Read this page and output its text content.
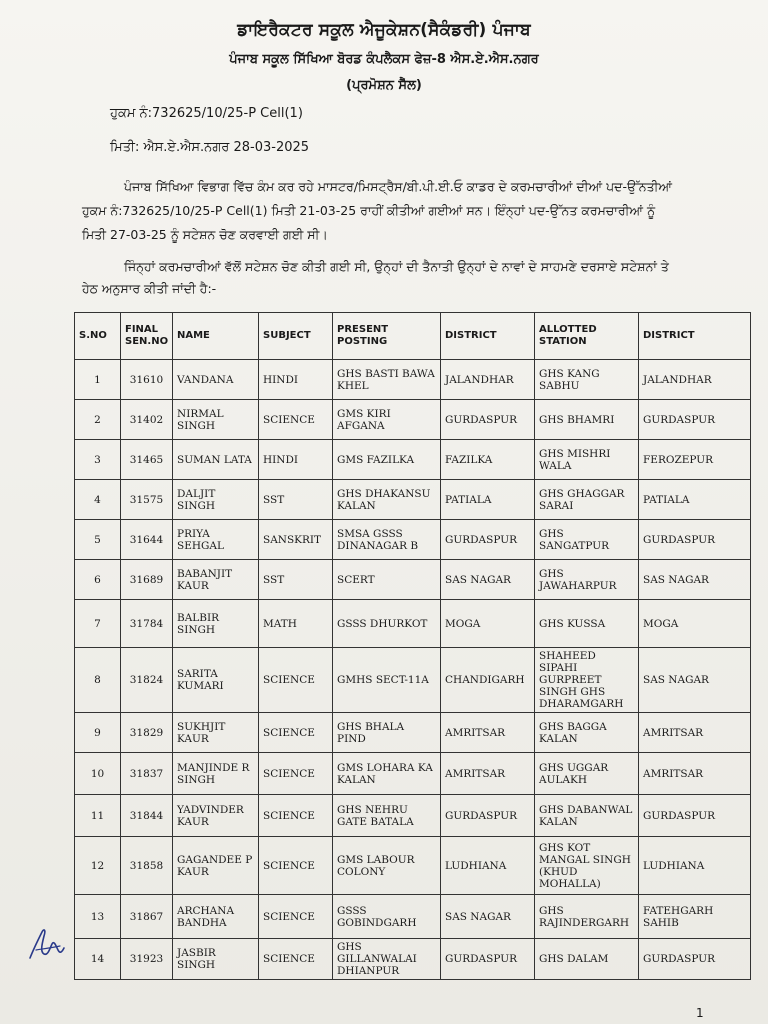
ਡਾਇਰੈਕਟਰ ਸਕੂਲ ਐਜੂਕੇਸ਼ਨ(ਸੈਕੰਡਰੀ) ਪੰਜਾਬ
ਪੰਜਾਬ ਸਕੂਲ ਸਿੱਖਿਆ ਬੋਰਡ ਕੰਪਲੈਕਸ ਫੇਜ਼-8 ਐਸ.ਏ.ਐਸ.ਨਗਰ
(ਪ੍ਰਮੋਸ਼ਨ ਸੈੱਲ)
ਹੁਕਮ ਨੰ:732625/10/25-P Cell(1)
ਮਿਤੀ: ਐਸ.ਏ.ਐਸ.ਨਗਰ 28-03-2025
ਪੰਜਾਬ ਸਿੱਖਿਆ ਵਿਭਾਗ ਵਿੱਚ ਕੰਮ ਕਰ ਰਹੇ ਮਾਸਟਰ/ਮਿਸਟ੍ਰੈਸ/ਬੀ.ਪੀ.ਈ.ਓ ਕਾਡਰ ਦੇ ਕਰਮਚਾਰੀਆਂ ਦੀਆਂ ਪਦ-ਉੱਨਤੀਆਂ ਹੁਕਮ ਨੰ:732625/10/25-P Cell(1) ਮਿਤੀ 21-03-25 ਰਾਹੀਂ ਕੀਤੀਆਂ ਗਈਆਂ ਸਨ। ਇੰਨ੍ਹਾਂ ਪਦ-ਉੱਨਤ ਕਰਮਚਾਰੀਆਂ ਨੂੰ ਮਿਤੀ 27-03-25 ਨੂੰ ਸਟੇਸ਼ਨ ਚੋਣ ਕਰਵਾਈ ਗਈ ਸੀ।
ਜਿੰਨ੍ਹਾਂ ਕਰਮਚਾਰੀਆਂ ਵੱਲੋਂ ਸਟੇਸ਼ਨ ਚੋਣ ਕੀਤੀ ਗਈ ਸੀ, ਉਨ੍ਹਾਂ ਦੀ ਤੈਨਾਤੀ ਉਨ੍ਹਾਂ ਦੇ ਨਾਵਾਂ ਦੇ ਸਾਹਮਣੇ ਦਰਸਾਏ ਸਟੇਸ਼ਨਾਂ ਤੇ ਹੇਠ ਅਨੁਸਾਰ ਕੀਤੀ ਜਾਂਦੀ ਹੈ:-
S.NO	FINAL SEN.NO	NAME	SUBJECT	PRESENT POSTING	DISTRICT	ALLOTTED STATION	DISTRICT
1	31610	VANDANA	HINDI	GHS BASTI BAWA KHEL	JALANDHAR	GHS KANG SABHU	JALANDHAR
2	31402	NIRMAL SINGH	SCIENCE	GMS KIRI AFGANA	GURDASPUR	GHS BHAMRI	GURDASPUR
3	31465	SUMAN LATA	HINDI	GMS FAZILKA	FAZILKA	GHS MISHRI WALA	FEROZEPUR
4	31575	DALJIT SINGH	SST	GHS DHAKANSU KALAN	PATIALA	GHS GHAGGAR SARAI	PATIALA
5	31644	PRIYA SEHGAL	SANSKRIT	SMSA GSSS DINANAGAR B	GURDASPUR	GHS SANGATPUR	GURDASPUR
6	31689	BABANJIT KAUR	SST	SCERT	SAS NAGAR	GHS JAWAHARPUR	SAS NAGAR
7	31784	BALBIR SINGH	MATH	GSSS DHURKOT	MOGA	GHS KUSSA	MOGA
8	31824	SARITA KUMARI	SCIENCE	GMHS SECT-11A	CHANDIGARH	SHAHEED SIPAHI GURPREET SINGH GHS DHARAMGARH	SAS NAGAR
9	31829	SUKHJIT KAUR	SCIENCE	GHS BHALA PIND	AMRITSAR	GHS BAGGA KALAN	AMRITSAR
10	31837	MANJINDE R SINGH	SCIENCE	GMS LOHARA KA KALAN	AMRITSAR	GHS UGGAR AULAKH	AMRITSAR
11	31844	YADVINDER KAUR	SCIENCE	GHS NEHRU GATE BATALA	GURDASPUR	GHS DABANWAL KALAN	GURDASPUR
12	31858	GAGANDEE P KAUR	SCIENCE	GMS LABOUR COLONY	LUDHIANA	GHS KOT MANGAL SINGH (KHUD MOHALLA)	LUDHIANA
13	31867	ARCHANA BANDHA	SCIENCE	GSSS GOBINDGARH	SAS NAGAR	GHS RAJINDERGARH	FATEHGARH SAHIB
14	31923	JASBIR SINGH	SCIENCE	GHS GILLANWALAI DHIANPUR	GURDASPUR	GHS DALAM	GURDASPUR
1
